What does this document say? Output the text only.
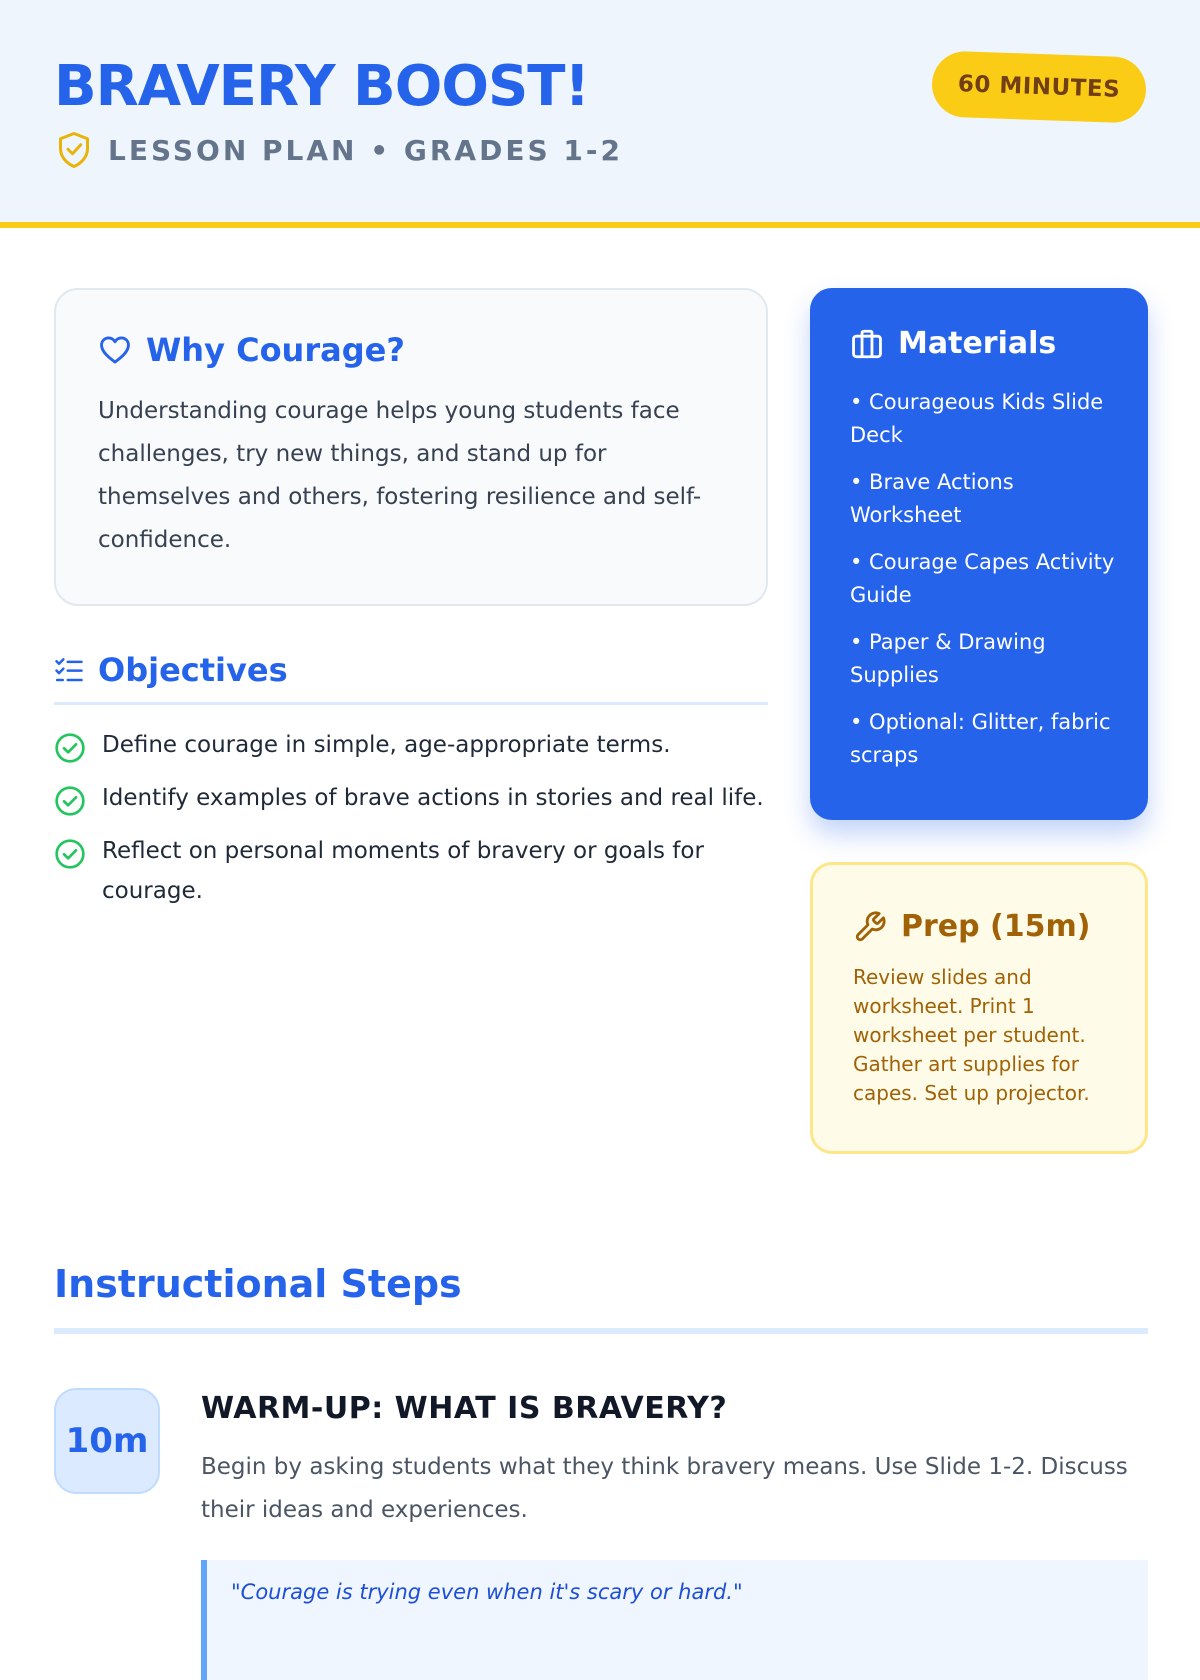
BRAVERY BOOST!
LESSON PLAN • GRADES 1-2
60 MINUTES
Why Courage?

Understanding courage helps young students face challenges, try new things, and stand up for themselves and others, fostering resilience and self-confidence.

Objectives
Define courage in simple, age-appropriate terms.
Identify examples of brave actions in stories and real life.
Reflect on personal moments of bravery or goals for courage.
Materials
• Courageous Kids Slide Deck
• Brave Actions Worksheet
• Courage Capes Activity Guide
• Paper & Drawing Supplies
• Optional: Glitter, fabric scraps
Prep (15m)

Review slides and worksheet. Print 1 worksheet per student. Gather art supplies for capes. Set up projector.

Instructional Steps
10m
WARM-UP: WHAT IS BRAVERY?

Begin by asking students what they think bravery means. Use Slide 1-2. Discuss their ideas and experiences.

"Courage is trying even when it's scary or hard."
